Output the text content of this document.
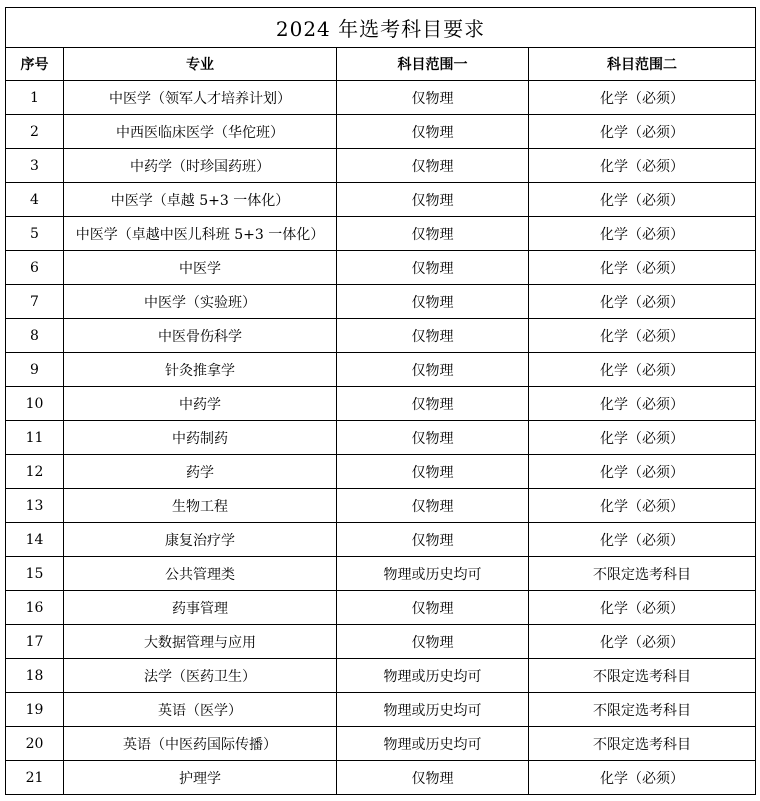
2024 年选考科目要求			
序号	专业	科目范围一	科目范围二
1	中医学（领军人才培养计划）	仅物理	化学（必须）
2	中西医临床医学（华佗班）	仅物理	化学（必须）
3	中药学（时珍国药班）	仅物理	化学（必须）
4	中医学（卓越 5+3 一体化）	仅物理	化学（必须）
5	中医学（卓越中医儿科班 5+3 一体化）	仅物理	化学（必须）
6	中医学	仅物理	化学（必须）
7	中医学（实验班）	仅物理	化学（必须）
8	中医骨伤科学	仅物理	化学（必须）
9	针灸推拿学	仅物理	化学（必须）
10	中药学	仅物理	化学（必须）
11	中药制药	仅物理	化学（必须）
12	药学	仅物理	化学（必须）
13	生物工程	仅物理	化学（必须）
14	康复治疗学	仅物理	化学（必须）
15	公共管理类	物理或历史均可	不限定选考科目
16	药事管理	仅物理	化学（必须）
17	大数据管理与应用	仅物理	化学（必须）
18	法学（医药卫生）	物理或历史均可	不限定选考科目
19	英语（医学）	物理或历史均可	不限定选考科目
20	英语（中医药国际传播）	物理或历史均可	不限定选考科目
21	护理学	仅物理	化学（必须）
